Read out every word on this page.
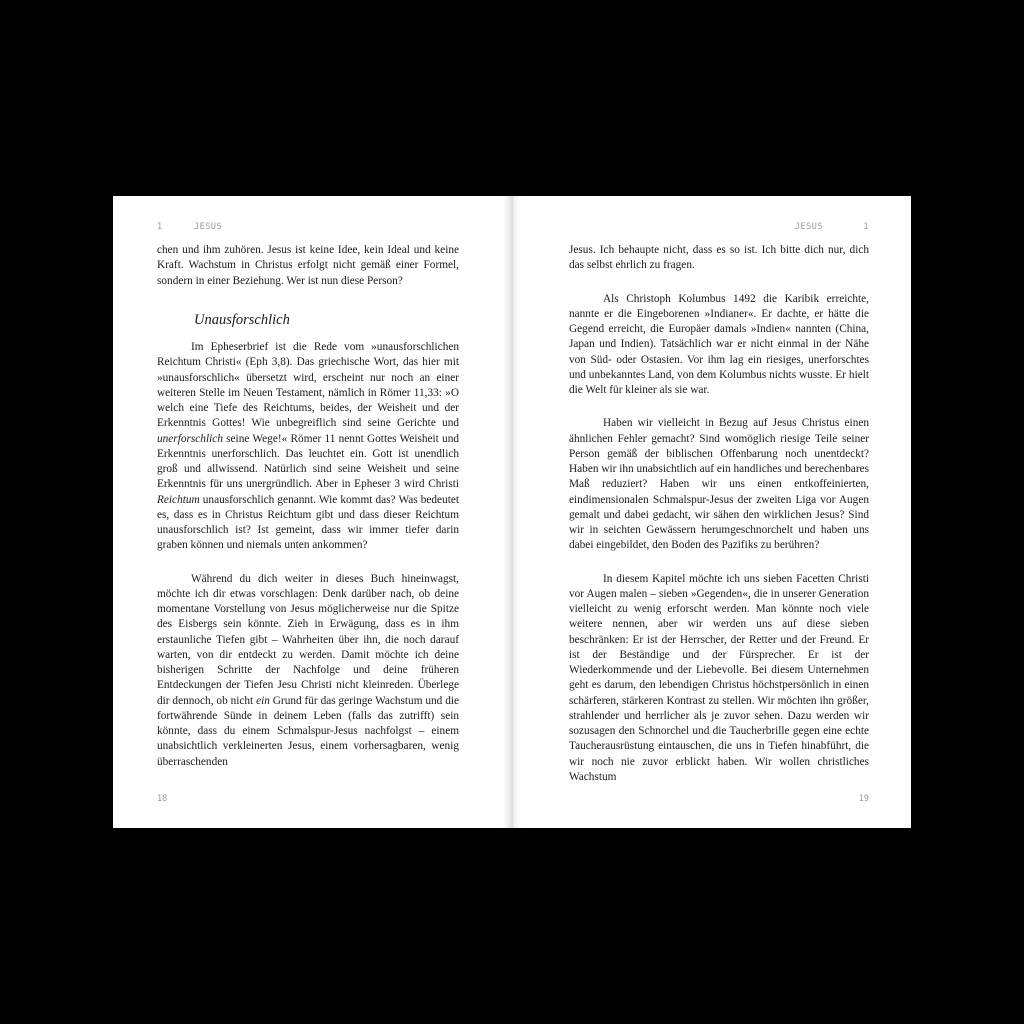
1	JESUS

chen und ihm zuhören. Jesus ist keine Idee, kein Ideal und keine Kraft. Wachstum in Christus erfolgt nicht gemäß einer Formel, sondern in einer Beziehung. Wer ist nun diese Person?

Unausforschlich

Im Epheserbrief ist die Rede vom »unausforschlichen Reichtum Christi« (Eph 3,8). Das griechische Wort, das hier mit »unausforschlich« übersetzt wird, erscheint nur noch an einer weiteren Stelle im Neuen Testament, nämlich in Römer 11,33: »O welch eine Tiefe des Reichtums, beides, der Weisheit und der Erkenntnis Gottes! Wie unbegreiflich sind seine Gerichte und unerforschlich seine Wege!« Römer 11 nennt Gottes Weisheit und Erkenntnis unerforschlich. Das leuchtet ein. Gott ist unendlich groß und allwissend. Natürlich sind seine Weisheit und seine Erkenntnis für uns unergründlich. Aber in Epheser 3 wird Christi Reichtum unausforschlich genannt. Wie kommt das? Was bedeutet es, dass es in Christus Reichtum gibt und dass dieser Reichtum unausforschlich ist? Ist gemeint, dass wir immer tiefer darin graben können und niemals unten ankommen?

Während du dich weiter in dieses Buch hineinwagst, möchte ich dir etwas vorschlagen: Denk darüber nach, ob deine momentane Vorstellung von Jesus möglicherweise nur die Spitze des Eisbergs sein könnte. Zieh in Erwägung, dass es in ihm erstaunliche Tiefen gibt – Wahrheiten über ihn, die noch darauf warten, von dir entdeckt zu werden. Damit möchte ich deine bisherigen Schritte der Nachfolge und deine früheren Entdeckungen der Tiefen Jesu Christi nicht kleinreden. Überlege dir dennoch, ob nicht ein Grund für das geringe Wachstum und die fortwährende Sünde in deinem Leben (falls das zutrifft) sein könnte, dass du einem Schmalspur-Jesus nachfolgst – einem unabsichtlich verkleinerten Jesus, einem vorhersagbaren, wenig überraschenden

18
JESUS	1

Jesus. Ich behaupte nicht, dass es so ist. Ich bitte dich nur, dich das selbst ehrlich zu fragen.

Als Christoph Kolumbus 1492 die Karibik erreichte, nannte er die Eingeborenen »Indianer«. Er dachte, er hätte die Gegend erreicht, die Europäer damals »Indien« nannten (China, Japan und Indien). Tatsächlich war er nicht einmal in der Nähe von Süd- oder Ostasien. Vor ihm lag ein riesiges, unerforschtes und unbekanntes Land, von dem Kolumbus nichts wusste. Er hielt die Welt für kleiner als sie war.

Haben wir vielleicht in Bezug auf Jesus Christus einen ähnlichen Fehler gemacht? Sind womöglich riesige Teile seiner Person gemäß der biblischen Offenbarung noch unentdeckt? Haben wir ihn unabsichtlich auf ein handliches und berechenbares Maß reduziert? Haben wir uns einen entkoffeinierten, eindimensionalen Schmalspur-Jesus der zweiten Liga vor Augen gemalt und dabei gedacht, wir sähen den wirklichen Jesus? Sind wir in seichten Gewässern herumgeschnorchelt und haben uns dabei eingebildet, den Boden des Pazifiks zu berühren?

In diesem Kapitel möchte ich uns sieben Facetten Christi vor Augen malen – sieben »Gegenden«, die in unserer Generation vielleicht zu wenig erforscht werden. Man könnte noch viele weitere nennen, aber wir werden uns auf diese sieben beschränken: Er ist der Herrscher, der Retter und der Freund. Er ist der Beständige und der Fürsprecher. Er ist der Wiederkommende und der Liebevolle. Bei diesem Unternehmen geht es darum, den lebendigen Christus höchstpersönlich in einen schärferen, stärkeren Kontrast zu stellen. Wir möchten ihn größer, strahlender und herrlicher als je zuvor sehen. Dazu werden wir sozusagen den Schnorchel und die Taucherbrille gegen eine echte Taucherausrüstung eintauschen, die uns in Tiefen hinabführt, die wir noch nie zuvor erblickt haben. Wir wollen christliches Wachstum

19
